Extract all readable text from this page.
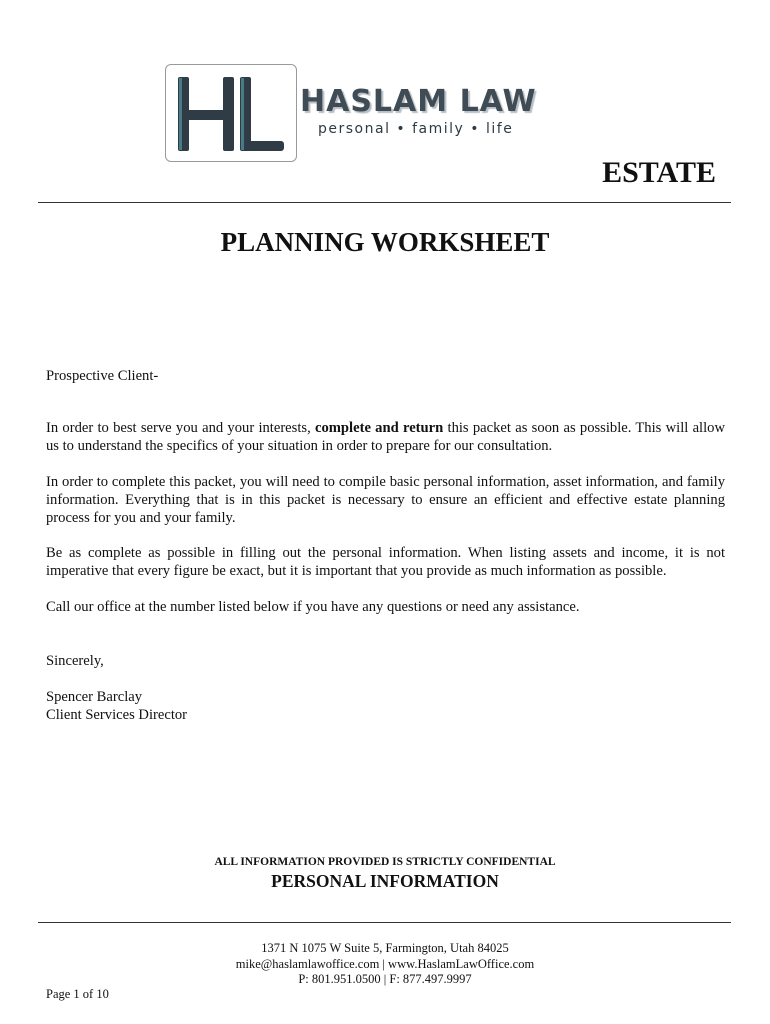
HASLAM LAW
personal • family • life
ESTATE
PLANNING WORKSHEET
Prospective Client-
In order to best serve you and your interests, complete and return this packet as soon as possible. This will allow us to understand the specifics of your situation in order to prepare for our consultation.
In order to complete this packet, you will need to compile basic personal information, asset information, and family information. Everything that is in this packet is necessary to ensure an efficient and effective estate planning process for you and your family.
Be as complete as possible in filling out the personal information. When listing assets and income, it is not imperative that every figure be exact, but it is important that you provide as much information as possible.
Call our office at the number listed below if you have any questions or need any assistance.
Sincerely,
Spencer Barclay
Client Services Director
ALL INFORMATION PROVIDED IS STRICTLY CONFIDENTIAL
PERSONAL INFORMATION
1371 N 1075 W Suite 5, Farmington, Utah 84025
mike@haslamlawoffice.com | www.HaslamLawOffice.com
P: 801.951.0500 | F: 877.497.9997
Page 1 of 10
